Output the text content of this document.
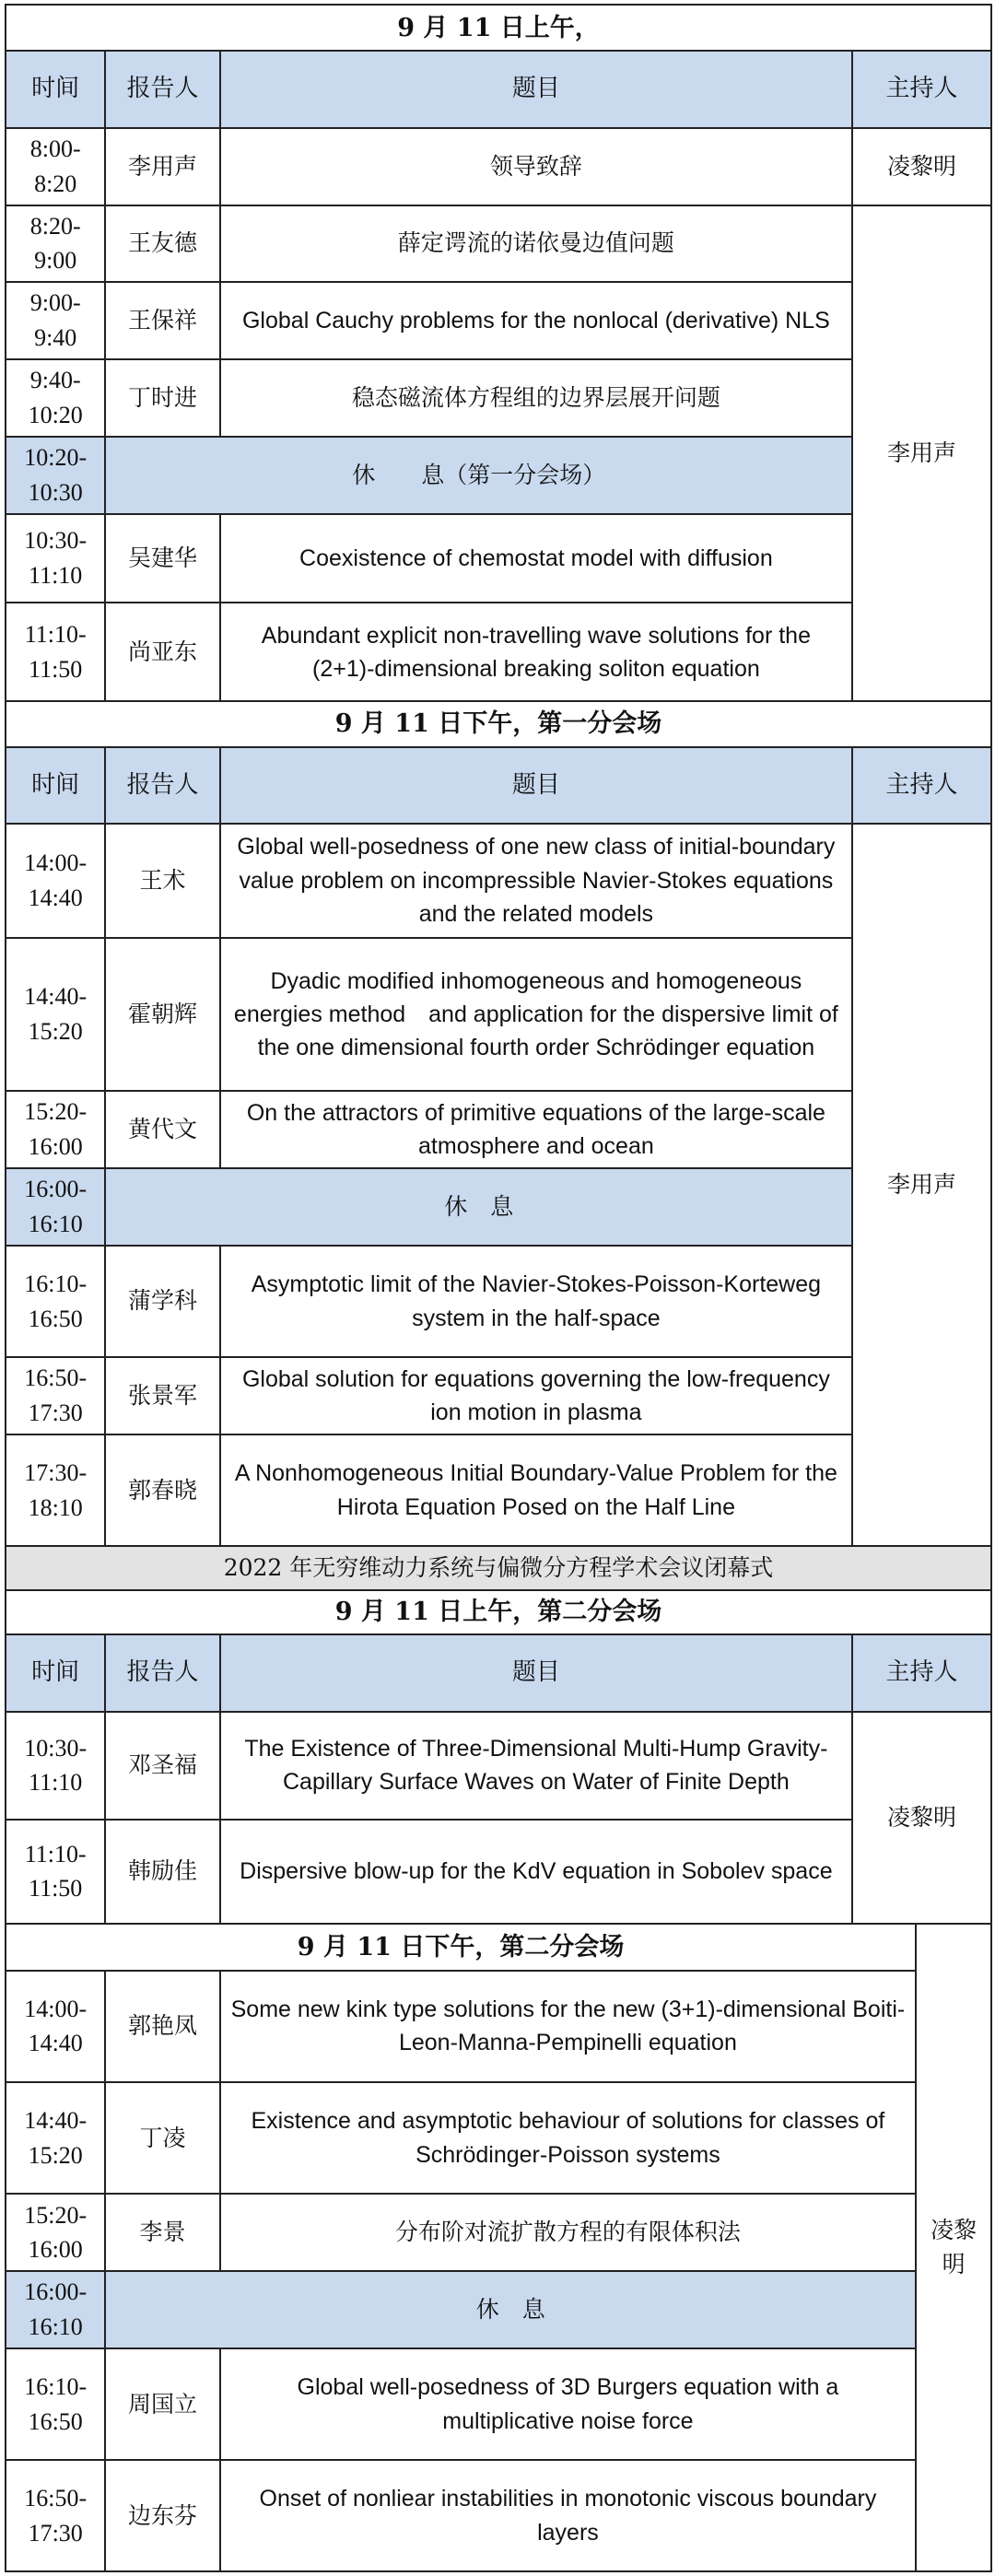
9 月 11 日上午，				
时间	报告人	题目	主持人	
8:00-8:20	李用声	领导致辞	凌黎明	
8:20-9:00	王友德	薛定谔流的诺依曼边值问题	李用声	
9:00-9:40	王保祥	Global Cauchy problems for the nonlocal (derivative) NLS		
9:40-10:20	丁时进	稳态磁流体方程组的边界层展开问题		
10:20-10:30	休　　息（第一分会场）			
10:30-11:10	吴建华	Coexistence of chemostat model with diffusion		
11:10-11:50	尚亚东	Abundant explicit non-travelling wave solutions for the (2+1)-dimensional breaking soliton equation		
9 月 11 日下午，第一分会场				
时间	报告人	题目	主持人	
14:00-14:40	王术	Global well-posedness of one new class of initial-boundary value problem on incompressible Navier-Stokes equations and the related models	李用声	
14:40-15:20	霍朝辉	Dyadic modified inhomogeneous and homogeneous energies method　and application for the dispersive limit of the one dimensional fourth order Schrödinger equation		
15:20-16:00	黄代文	On the attractors of primitive equations of the large-scale atmosphere and ocean		
16:00-16:10	休　息			
16:10-16:50	蒲学科	Asymptotic limit of the Navier-Stokes-Poisson-Korteweg system in the half-space		
16:50-17:30	张景军	Global solution for equations governing the low-frequency ion motion in plasma		
17:30-18:10	郭春晓	A Nonhomogeneous Initial Boundary-Value Problem for the Hirota Equation Posed on the Half Line		
2022 年无穷维动力系统与偏微分方程学术会议闭幕式				
9 月 11 日上午，第二分会场				
时间	报告人	题目	主持人	
10:30-11:10	邓圣福	The Existence of Three-Dimensional Multi-Hump Gravity-Capillary Surface Waves on Water of Finite Depth	凌黎明	
11:10-11:50	韩励佳	Dispersive blow-up for the KdV equation in Sobolev space		
9 月 11 日下午，第二分会场				凌黎明
14:00-14:40	郭艳凤	Some new kink type solutions for the new (3+1)-dimensional Boiti-Leon-Manna-Pempinelli equation		
14:40-15:20	丁凌	Existence and asymptotic behaviour of solutions for classes of Schrödinger-Poisson systems		
15:20-16:00	李景	分布阶对流扩散方程的有限体积法		
16:00-16:10	休　息			
16:10-16:50	周国立	Global well-posedness of 3D Burgers equation with a multiplicative noise force		
16:50-17:30	边东芬	Onset of nonliear instabilities in monotonic viscous boundary layers		
